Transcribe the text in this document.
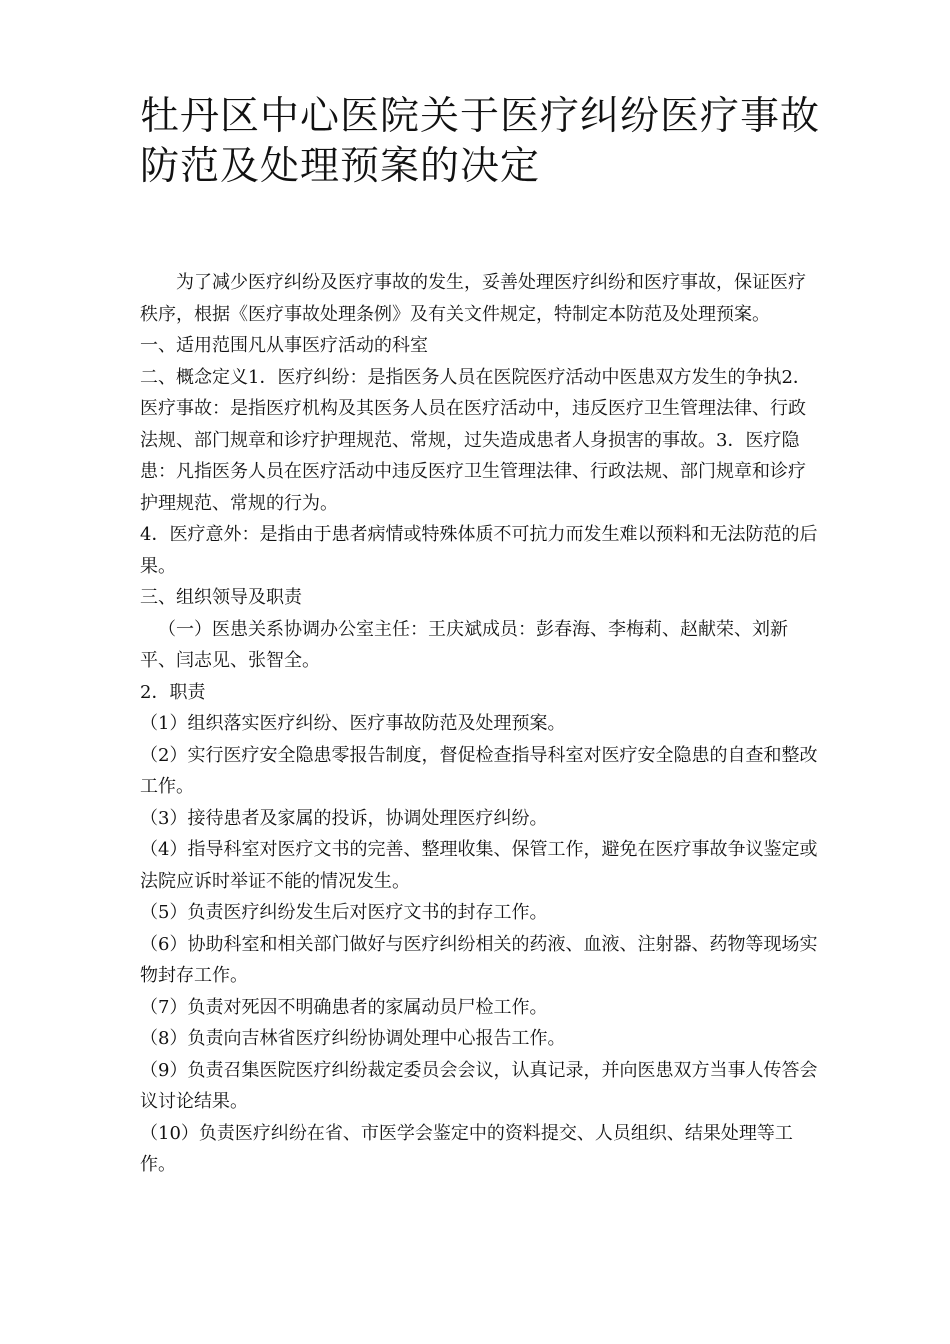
牡丹区中心医院关于医疗纠纷医疗事故
防范及处理预案的决定

为了减少医疗纠纷及医疗事故的发生，妥善处理医疗纠纷和医疗事故，保证医疗秩序，根据《医疗事故处理条例》及有关文件规定，特制定本防范及处理预案。

一、适用范围凡从事医疗活动的科室

二、概念定义1．医疗纠纷：是指医务人员在医院医疗活动中医患双方发生的争执2．医疗事故：是指医疗机构及其医务人员在医疗活动中，违反医疗卫生管理法律、行政法规、部门规章和诊疗护理规范、常规，过失造成患者人身损害的事故。3．医疗隐患：凡指医务人员在医疗活动中违反医疗卫生管理法律、行政法规、部门规章和诊疗护理规范、常规的行为。

4．医疗意外：是指由于患者病情或特殊体质不可抗力而发生难以预料和无法防范的后果。

三、组织领导及职责

（一）医患关系协调办公室主任：王庆斌成员：彭春海、李梅莉、赵献荣、刘新平、闫志见、张智全。

2．职责

（1）组织落实医疗纠纷、医疗事故防范及处理预案。

（2）实行医疗安全隐患零报告制度，督促检查指导科室对医疗安全隐患的自查和整改工作。

（3）接待患者及家属的投诉，协调处理医疗纠纷。

（4）指导科室对医疗文书的完善、整理收集、保管工作，避免在医疗事故争议鉴定或法院应诉时举证不能的情况发生。

（5）负责医疗纠纷发生后对医疗文书的封存工作。

（6）协助科室和相关部门做好与医疗纠纷相关的药液、血液、注射器、药物等现场实物封存工作。

（7）负责对死因不明确患者的家属动员尸检工作。

（8）负责向吉林省医疗纠纷协调处理中心报告工作。

（9）负责召集医院医疗纠纷裁定委员会会议，认真记录，并向医患双方当事人传答会议讨论结果。

（10）负责医疗纠纷在省、市医学会鉴定中的资料提交、人员组织、结果处理等工作。
